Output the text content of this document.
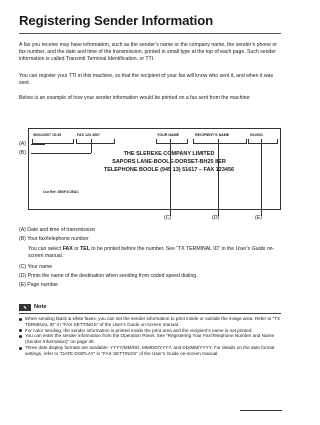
Registering Sender Information

A fax you receive may have information, such as the sender’s name or the company name, the sender’s phone or fax number, and the date and time of the transmission, printed in small type at the top of each page. Such sender information is called Transmit Terminal Identification, or TTI.

You can register your TTI in this machine, so that the recipient of your fax will know who sent it, and when it was sent.

Below is an example of how your sender information would be printed on a fax sent from the machine:

06/01/2007 15:35	FAX 123 4567	YOUR NAME	RECIPIENT’S NAME	001/001
THE SLEREXE COMPANY LIMITED
SAPORS LANE-BOOLE-DORSET-BH25 8ER
TELEPHONE BOOLE (945 13) 51617 – FAX 123456
Our Ref: 350/PJC/EAC
(A)
(B)
(C)	(D)	(E)

(A) Date and time of transmission

(B) Your fax/telephone number

You can select FAX or TEL to be printed before the number. See “TX TERMINAL ID” in the User’s Guide on-screen manual.

(C) Your name

(D) Prints the name of the destination when sending from coded speed dialing.

(E) Page number

✎	Note
When sending black & white faxes, you can set the sender information to print inside or outside the image area. Refer to “TX TERMINAL ID” in “FAX SETTINGS” of the User’s Guide on-screen manual.
For color sending, the sender information is printed inside the print area and the recipient’s name is not printed.
You can enter the sender information from the Operation Panel. See “Registering Your Fax/Telephone Number and Name (Sender Information)” on page 36.
Three date display formats are available: YYYY/MM/DD, MM/DD/YYYY, and DD/MM/YYYY. For details on the date format settings, refer to “DATE DISPLAY” in “FAX SETTINGS” of the User’s Guide on-screen manual.
